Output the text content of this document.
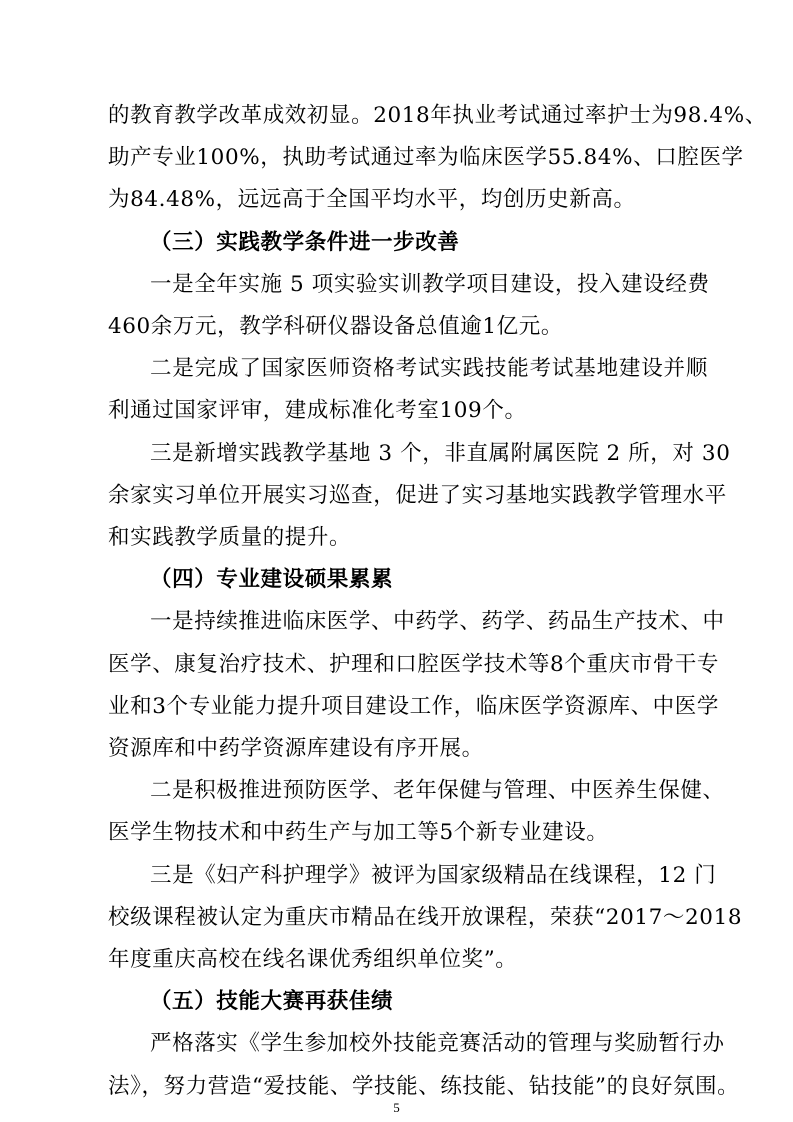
的教育教学改革成效初显。2018年执业考试通过率护士为98.4%、
助产专业100%，执助考试通过率为临床医学55.84%、口腔医学
为84.48%，远远高于全国平均水平，均创历史新高。
（三）实践教学条件进一步改善
一是全年实施 5 项实验实训教学项目建设，投入建设经费
460余万元，教学科研仪器设备总值逾1亿元。
二是完成了国家医师资格考试实践技能考试基地建设并顺
利通过国家评审，建成标准化考室109个。
三是新增实践教学基地 3 个，非直属附属医院 2 所，对 30
余家实习单位开展实习巡查，促进了实习基地实践教学管理水平
和实践教学质量的提升。
（四）专业建设硕果累累
一是持续推进临床医学、中药学、药学、药品生产技术、中
医学、康复治疗技术、护理和口腔医学技术等8个重庆市骨干专
业和3个专业能力提升项目建设工作，临床医学资源库、中医学
资源库和中药学资源库建设有序开展。
二是积极推进预防医学、老年保健与管理、中医养生保健、
医学生物技术和中药生产与加工等5个新专业建设。
三是《妇产科护理学》被评为国家级精品在线课程，12 门
校级课程被认定为重庆市精品在线开放课程，荣获“2017～2018
年度重庆高校在线名课优秀组织单位奖”。
（五）技能大赛再获佳绩
严格落实《学生参加校外技能竞赛活动的管理与奖励暂行办
法》，努力营造“爱技能、学技能、练技能、钻技能”的良好氛围。
5
